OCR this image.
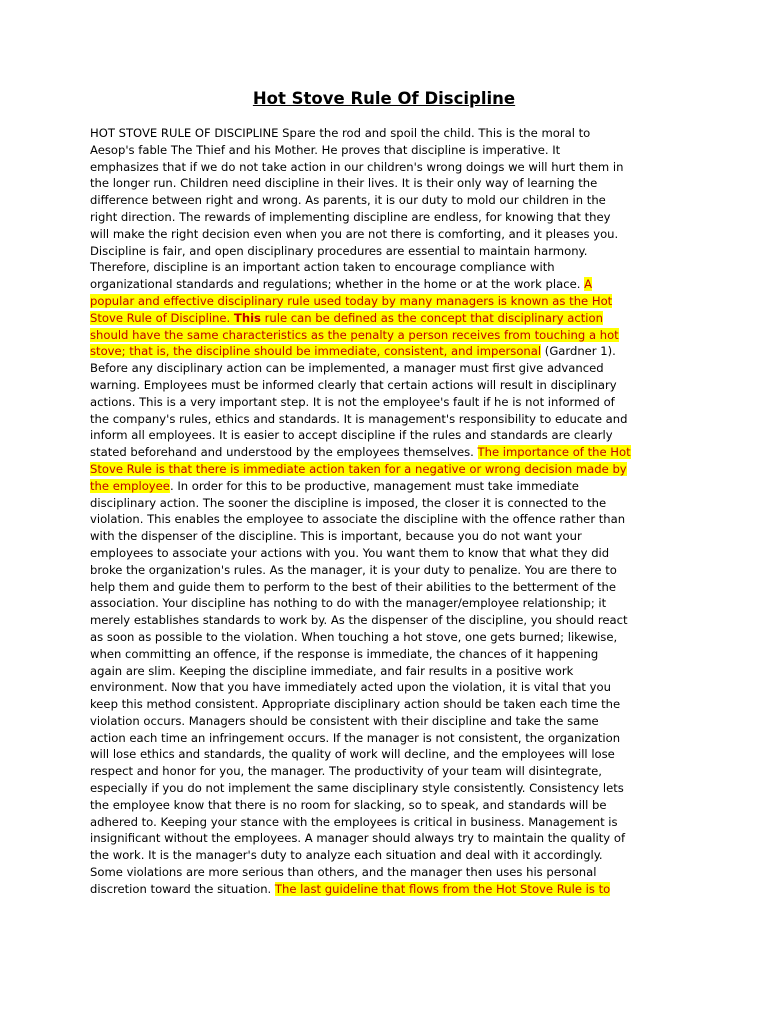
Hot Stove Rule Of Discipline
HOT STOVE RULE OF DISCIPLINE Spare the rod and spoil the child. This is the moral to
Aesop's fable The Thief and his Mother. He proves that discipline is imperative. It
emphasizes that if we do not take action in our children's wrong doings we will hurt them in
the longer run. Children need discipline in their lives. It is their only way of learning the
difference between right and wrong. As parents, it is our duty to mold our children in the
right direction. The rewards of implementing discipline are endless, for knowing that they
will make the right decision even when you are not there is comforting, and it pleases you.
Discipline is fair, and open disciplinary procedures are essential to maintain harmony.
Therefore, discipline is an important action taken to encourage compliance with
organizational standards and regulations; whether in the home or at the work place. A
popular and effective disciplinary rule used today by many managers is known as the Hot
Stove Rule of Discipline. This rule can be defined as the concept that disciplinary action
should have the same characteristics as the penalty a person receives from touching a hot
stove; that is, the discipline should be immediate, consistent, and impersonal (Gardner 1).
Before any disciplinary action can be implemented, a manager must first give advanced
warning. Employees must be informed clearly that certain actions will result in disciplinary
actions. This is a very important step. It is not the employee's fault if he is not informed of
the company's rules, ethics and standards. It is management's responsibility to educate and
inform all employees. It is easier to accept discipline if the rules and standards are clearly
stated beforehand and understood by the employees themselves. The importance of the Hot
Stove Rule is that there is immediate action taken for a negative or wrong decision made by
the employee. In order for this to be productive, management must take immediate
disciplinary action. The sooner the discipline is imposed, the closer it is connected to the
violation. This enables the employee to associate the discipline with the offence rather than
with the dispenser of the discipline. This is important, because you do not want your
employees to associate your actions with you. You want them to know that what they did
broke the organization's rules. As the manager, it is your duty to penalize. You are there to
help them and guide them to perform to the best of their abilities to the betterment of the
association. Your discipline has nothing to do with the manager/employee relationship; it
merely establishes standards to work by. As the dispenser of the discipline, you should react
as soon as possible to the violation. When touching a hot stove, one gets burned; likewise,
when committing an offence, if the response is immediate, the chances of it happening
again are slim. Keeping the discipline immediate, and fair results in a positive work
environment. Now that you have immediately acted upon the violation, it is vital that you
keep this method consistent. Appropriate disciplinary action should be taken each time the
violation occurs. Managers should be consistent with their discipline and take the same
action each time an infringement occurs. If the manager is not consistent, the organization
will lose ethics and standards, the quality of work will decline, and the employees will lose
respect and honor for you, the manager. The productivity of your team will disintegrate,
especially if you do not implement the same disciplinary style consistently. Consistency lets
the employee know that there is no room for slacking, so to speak, and standards will be
adhered to. Keeping your stance with the employees is critical in business. Management is
insignificant without the employees. A manager should always try to maintain the quality of
the work. It is the manager's duty to analyze each situation and deal with it accordingly.
Some violations are more serious than others, and the manager then uses his personal
discretion toward the situation. The last guideline that flows from the Hot Stove Rule is to
